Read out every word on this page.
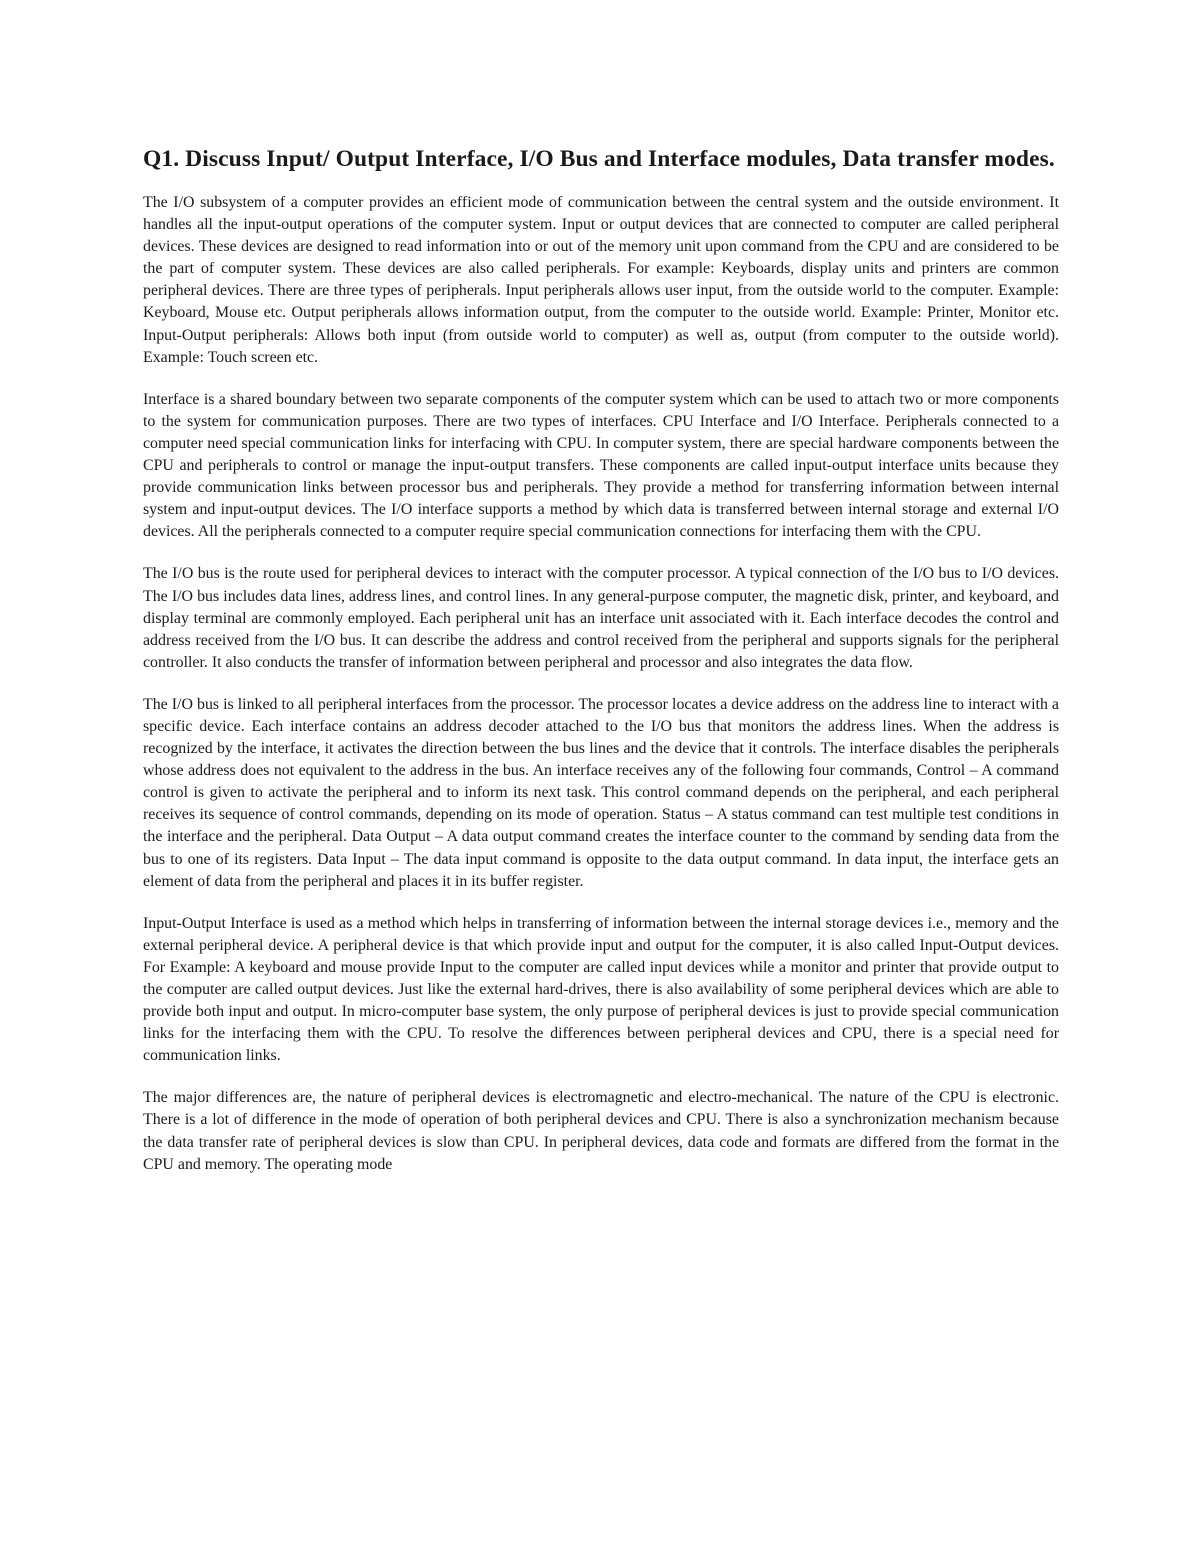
Q1. Discuss Input/ Output Interface, I/O Bus and Interface modules, Data transfer modes.

The I/O subsystem of a computer provides an efficient mode of communication between the central system and the outside environment. It handles all the input-output operations of the computer system. Input or output devices that are connected to computer are called peripheral devices. These devices are designed to read information into or out of the memory unit upon command from the CPU and are considered to be the part of computer system. These devices are also called peripherals. For example: Keyboards, display units and printers are common peripheral devices. There are three types of peripherals. Input peripherals allows user input, from the outside world to the computer. Example: Keyboard, Mouse etc. Output peripherals allows information output, from the computer to the outside world. Example: Printer, Monitor etc. Input-Output peripherals: Allows both input (from outside world to computer) as well as, output (from computer to the outside world). Example: Touch screen etc.

Interface is a shared boundary between two separate components of the computer system which can be used to attach two or more components to the system for communication purposes. There are two types of interfaces. CPU Interface and I/O Interface. Peripherals connected to a computer need special communication links for interfacing with CPU. In computer system, there are special hardware components between the CPU and peripherals to control or manage the input-output transfers. These components are called input-output interface units because they provide communication links between processor bus and peripherals. They provide a method for transferring information between internal system and input-output devices. The I/O interface supports a method by which data is transferred between internal storage and external I/O devices. All the peripherals connected to a computer require special communication connections for interfacing them with the CPU.

The I/O bus is the route used for peripheral devices to interact with the computer processor. A typical connection of the I/O bus to I/O devices. The I/O bus includes data lines, address lines, and control lines. In any general-purpose computer, the magnetic disk, printer, and keyboard, and display terminal are commonly employed. Each peripheral unit has an interface unit associated with it. Each interface decodes the control and address received from the I/O bus. It can describe the address and control received from the peripheral and supports signals for the peripheral controller. It also conducts the transfer of information between peripheral and processor and also integrates the data flow.

The I/O bus is linked to all peripheral interfaces from the processor. The processor locates a device address on the address line to interact with a specific device. Each interface contains an address decoder attached to the I/O bus that monitors the address lines. When the address is recognized by the interface, it activates the direction between the bus lines and the device that it controls. The interface disables the peripherals whose address does not equivalent to the address in the bus. An interface receives any of the following four commands, Control – A command control is given to activate the peripheral and to inform its next task. This control command depends on the peripheral, and each peripheral receives its sequence of control commands, depending on its mode of operation. Status – A status command can test multiple test conditions in the interface and the peripheral. Data Output – A data output command creates the interface counter to the command by sending data from the bus to one of its registers. Data Input – The data input command is opposite to the data output command. In data input, the interface gets an element of data from the peripheral and places it in its buffer register.

Input-Output Interface is used as a method which helps in transferring of information between the internal storage devices i.e., memory and the external peripheral device. A peripheral device is that which provide input and output for the computer, it is also called Input-Output devices. For Example: A keyboard and mouse provide Input to the computer are called input devices while a monitor and printer that provide output to the computer are called output devices. Just like the external hard-drives, there is also availability of some peripheral devices which are able to provide both input and output. In micro-computer base system, the only purpose of peripheral devices is just to provide special communication links for the interfacing them with the CPU. To resolve the differences between peripheral devices and CPU, there is a special need for communication links.

The major differences are, the nature of peripheral devices is electromagnetic and electro-mechanical. The nature of the CPU is electronic. There is a lot of difference in the mode of operation of both peripheral devices and CPU. There is also a synchronization mechanism because the data transfer rate of peripheral devices is slow than CPU. In peripheral devices, data code and formats are differed from the format in the CPU and memory. The operating mode
